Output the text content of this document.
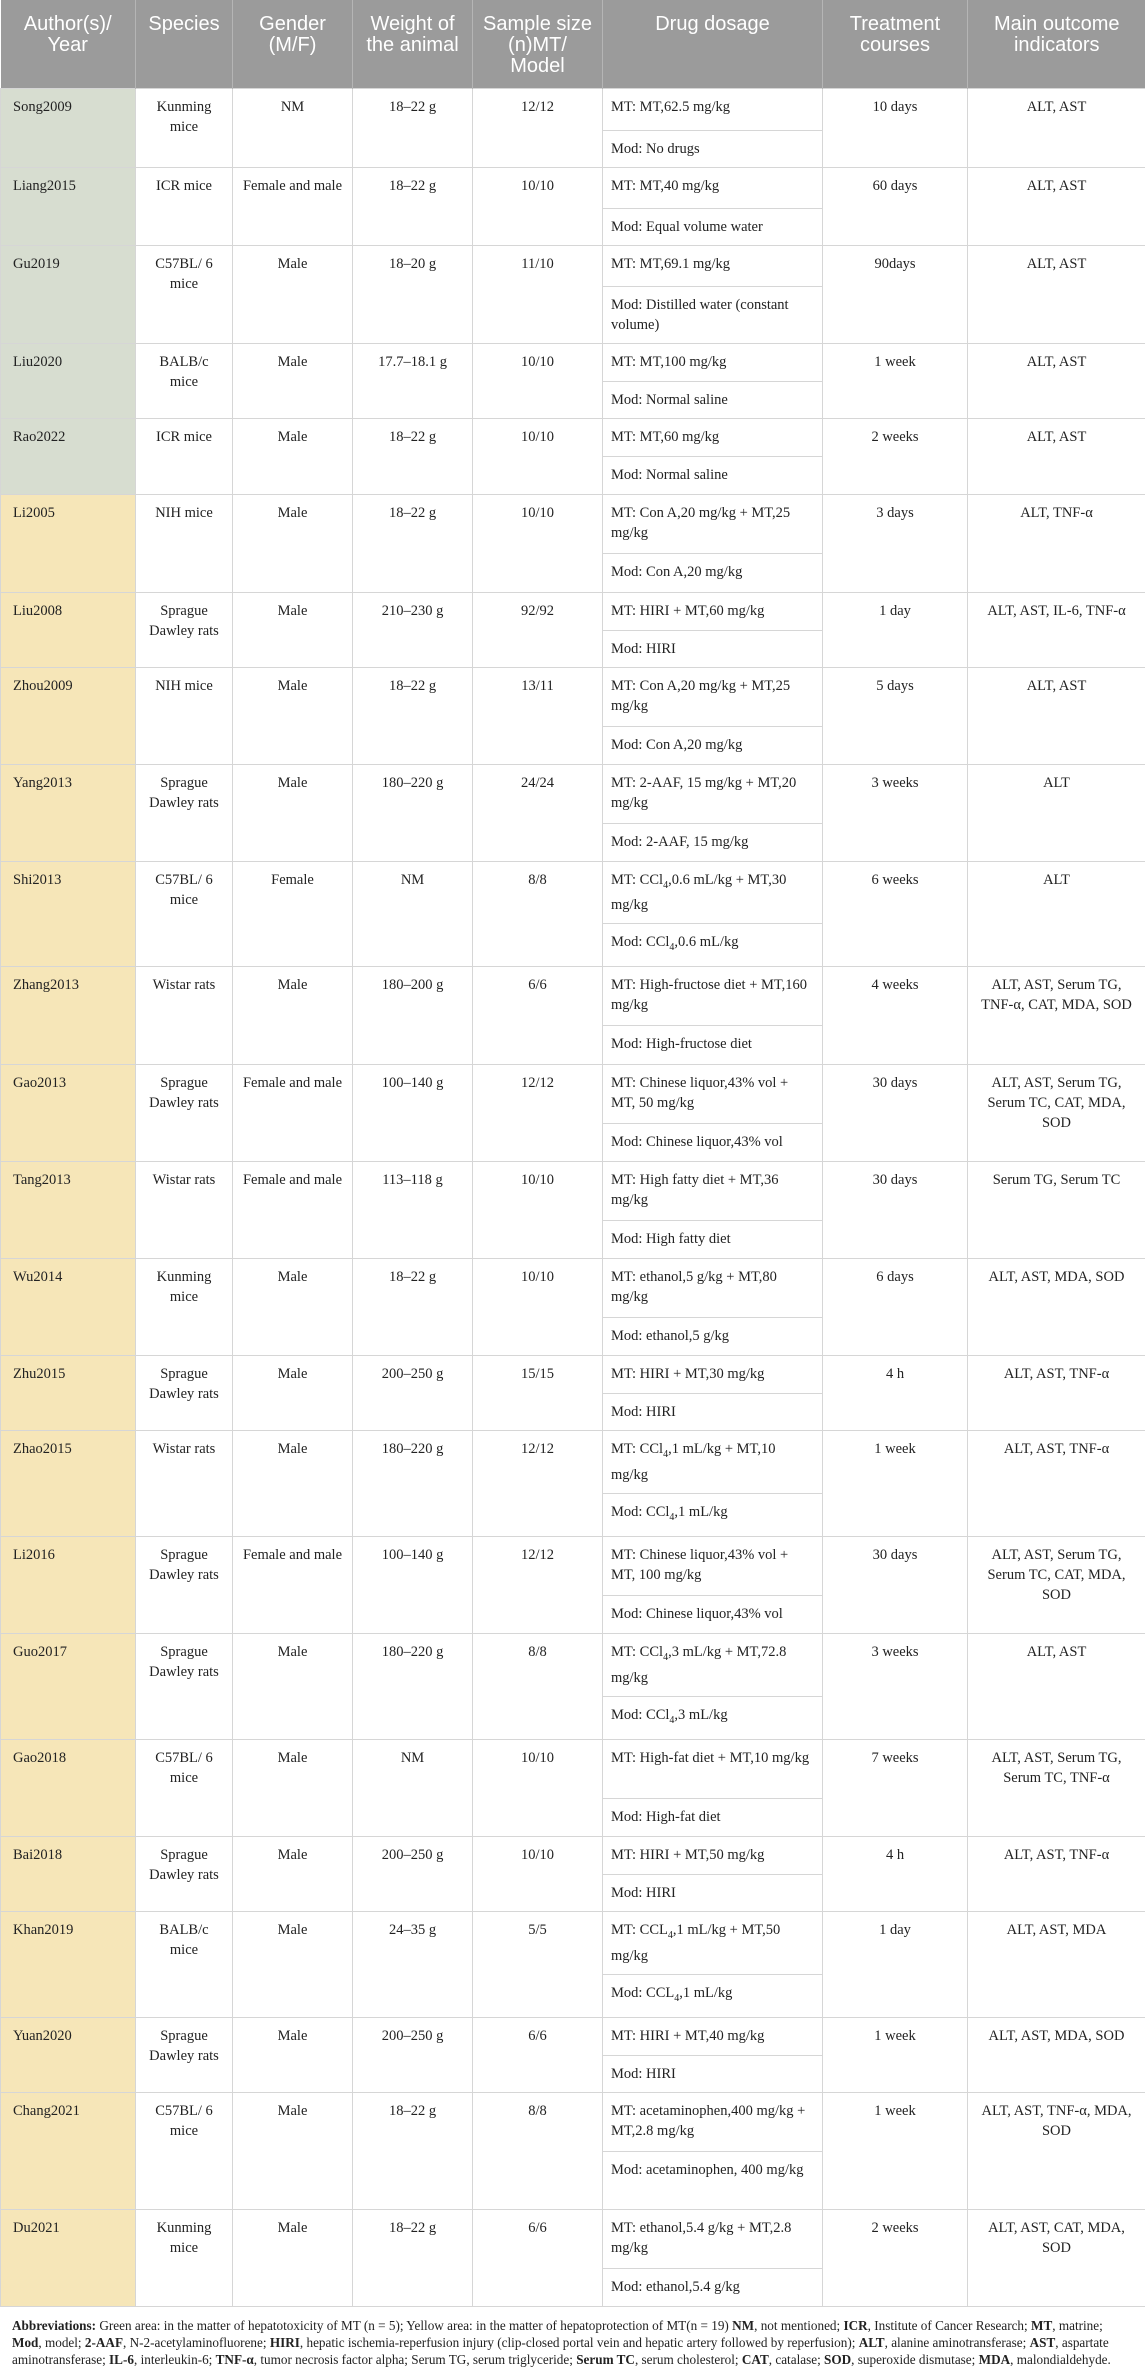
Author(s)/ Year	Species	Gender (M/F)	Weight of the animal	Sample size (n)MT/ Model	Drug dosage	Treatment courses	Main outcome indicators
Song2009	Kunming mice	NM	18–22 g	12/12	MT: MT,62.5 mg/kg	10 days	ALT, AST
					Mod: No drugs		
Liang2015	ICR mice	Female and male	18–22 g	10/10	MT: MT,40 mg/kg	60 days	ALT, AST
					Mod: Equal volume water		
Gu2019	C57BL/ 6 mice	Male	18–20 g	11/10	MT: MT,69.1 mg/kg	90days	ALT, AST
					Mod: Distilled water (constant volume)		
Liu2020	BALB/c mice	Male	17.7–18.1 g	10/10	MT: MT,100 mg/kg	1 week	ALT, AST
					Mod: Normal saline		
Rao2022	ICR mice	Male	18–22 g	10/10	MT: MT,60 mg/kg	2 weeks	ALT, AST
					Mod: Normal saline		
Li2005	NIH mice	Male	18–22 g	10/10	MT: Con A,20 mg/kg + MT,25 mg/kg	3 days	ALT, TNF-α
					Mod: Con A,20 mg/kg		
Liu2008	Sprague Dawley rats	Male	210–230 g	92/92	MT: HIRI + MT,60 mg/kg	1 day	ALT, AST, IL-6, TNF-α
					Mod: HIRI		
Zhou2009	NIH mice	Male	18–22 g	13/11	MT: Con A,20 mg/kg + MT,25 mg/kg	5 days	ALT, AST
					Mod: Con A,20 mg/kg		
Yang2013	Sprague Dawley rats	Male	180–220 g	24/24	MT: 2-AAF, 15 mg/kg + MT,20 mg/kg	3 weeks	ALT
					Mod: 2-AAF, 15 mg/kg		
Shi2013	C57BL/ 6 mice	Female	NM	8/8	MT: CCl$_4$,0.6 mL/kg + MT,30 mg/kg	6 weeks	ALT
					Mod: CCl$_4$,0.6 mL/kg		
Zhang2013	Wistar rats	Male	180–200 g	6/6	MT: High-fructose diet + MT,160 mg/kg	4 weeks	ALT, AST, Serum TG, TNF-α, CAT, MDA, SOD
					Mod: High-fructose diet		
Gao2013	Sprague Dawley rats	Female and male	100–140 g	12/12	MT: Chinese liquor,43% vol + MT, 50 mg/kg	30 days	ALT, AST, Serum TG, Serum TC, CAT, MDA, SOD
					Mod: Chinese liquor,43% vol		
Tang2013	Wistar rats	Female and male	113–118 g	10/10	MT: High fatty diet + MT,36 mg/kg	30 days	Serum TG, Serum TC
					Mod: High fatty diet		
Wu2014	Kunming mice	Male	18–22 g	10/10	MT: ethanol,5 g/kg + MT,80 mg/kg	6 days	ALT, AST, MDA, SOD
					Mod: ethanol,5 g/kg		
Zhu2015	Sprague Dawley rats	Male	200–250 g	15/15	MT: HIRI + MT,30 mg/kg	4 h	ALT, AST, TNF-α
					Mod: HIRI		
Zhao2015	Wistar rats	Male	180–220 g	12/12	MT: CCl$_4$,1 mL/kg + MT,10 mg/kg	1 week	ALT, AST, TNF-α
					Mod: CCl$_4$,1 mL/kg		
Li2016	Sprague Dawley rats	Female and male	100–140 g	12/12	MT: Chinese liquor,43% vol + MT, 100 mg/kg	30 days	ALT, AST, Serum TG, Serum TC, CAT, MDA, SOD
					Mod: Chinese liquor,43% vol		
Guo2017	Sprague Dawley rats	Male	180–220 g	8/8	MT: CCl$_4$,3 mL/kg + MT,72.8 mg/kg	3 weeks	ALT, AST
					Mod: CCl$_4$,3 mL/kg		
Gao2018	C57BL/ 6 mice	Male	NM	10/10	MT: High-fat diet + MT,10 mg/kg	7 weeks	ALT, AST, Serum TG, Serum TC, TNF-α
					Mod: High-fat diet		
Bai2018	Sprague Dawley rats	Male	200–250 g	10/10	MT: HIRI + MT,50 mg/kg	4 h	ALT, AST, TNF-α
					Mod: HIRI		
Khan2019	BALB/c mice	Male	24–35 g	5/5	MT: $CCL_4,1$ mL/kg + MT,50 mg/kg	1 day	ALT, AST, MDA
					Mod: $CCL_4,1$ mL/kg		
Yuan2020	Sprague Dawley rats	Male	200–250 g	6/6	MT: HIRI + MT,40 mg/kg	1 week	ALT, AST, MDA, SOD
					Mod: HIRI		
Chang2021	C57BL/ 6 mice	Male	18–22 g	8/8	MT: acetaminophen,400 mg/kg + MT,2.8 mg/kg	1 week	ALT, AST, TNF-α, MDA, SOD
					Mod: acetaminophen, 400 mg/kg		
Du2021	Kunming mice	Male	18–22 g	6/6	MT: ethanol,5.4 g/kg + MT,2.8 mg/kg	2 weeks	ALT, AST, CAT, MDA, SOD
					Mod: ethanol,5.4 g/kg		
Abbreviations: Green area: in the matter of hepatotoxicity of MT (n = 5); Yellow area: in the matter of hepatoprotection of MT(n = 19) NM, not mentioned; ICR, Institute of Cancer Research; MT, matrine; Mod, model; 2-AAF, N-2-acetylaminofluorene; HIRI, hepatic ischemia-reperfusion injury (clip-closed portal vein and hepatic artery followed by reperfusion); ALT, alanine aminotransferase; AST, aspartate aminotransferase; IL-6, interleukin-6; TNF-α, tumor necrosis factor alpha; Serum TG, serum triglyceride; Serum TC, serum cholesterol; CAT, catalase; SOD, superoxide dismutase; MDA, malondialdehyde.
